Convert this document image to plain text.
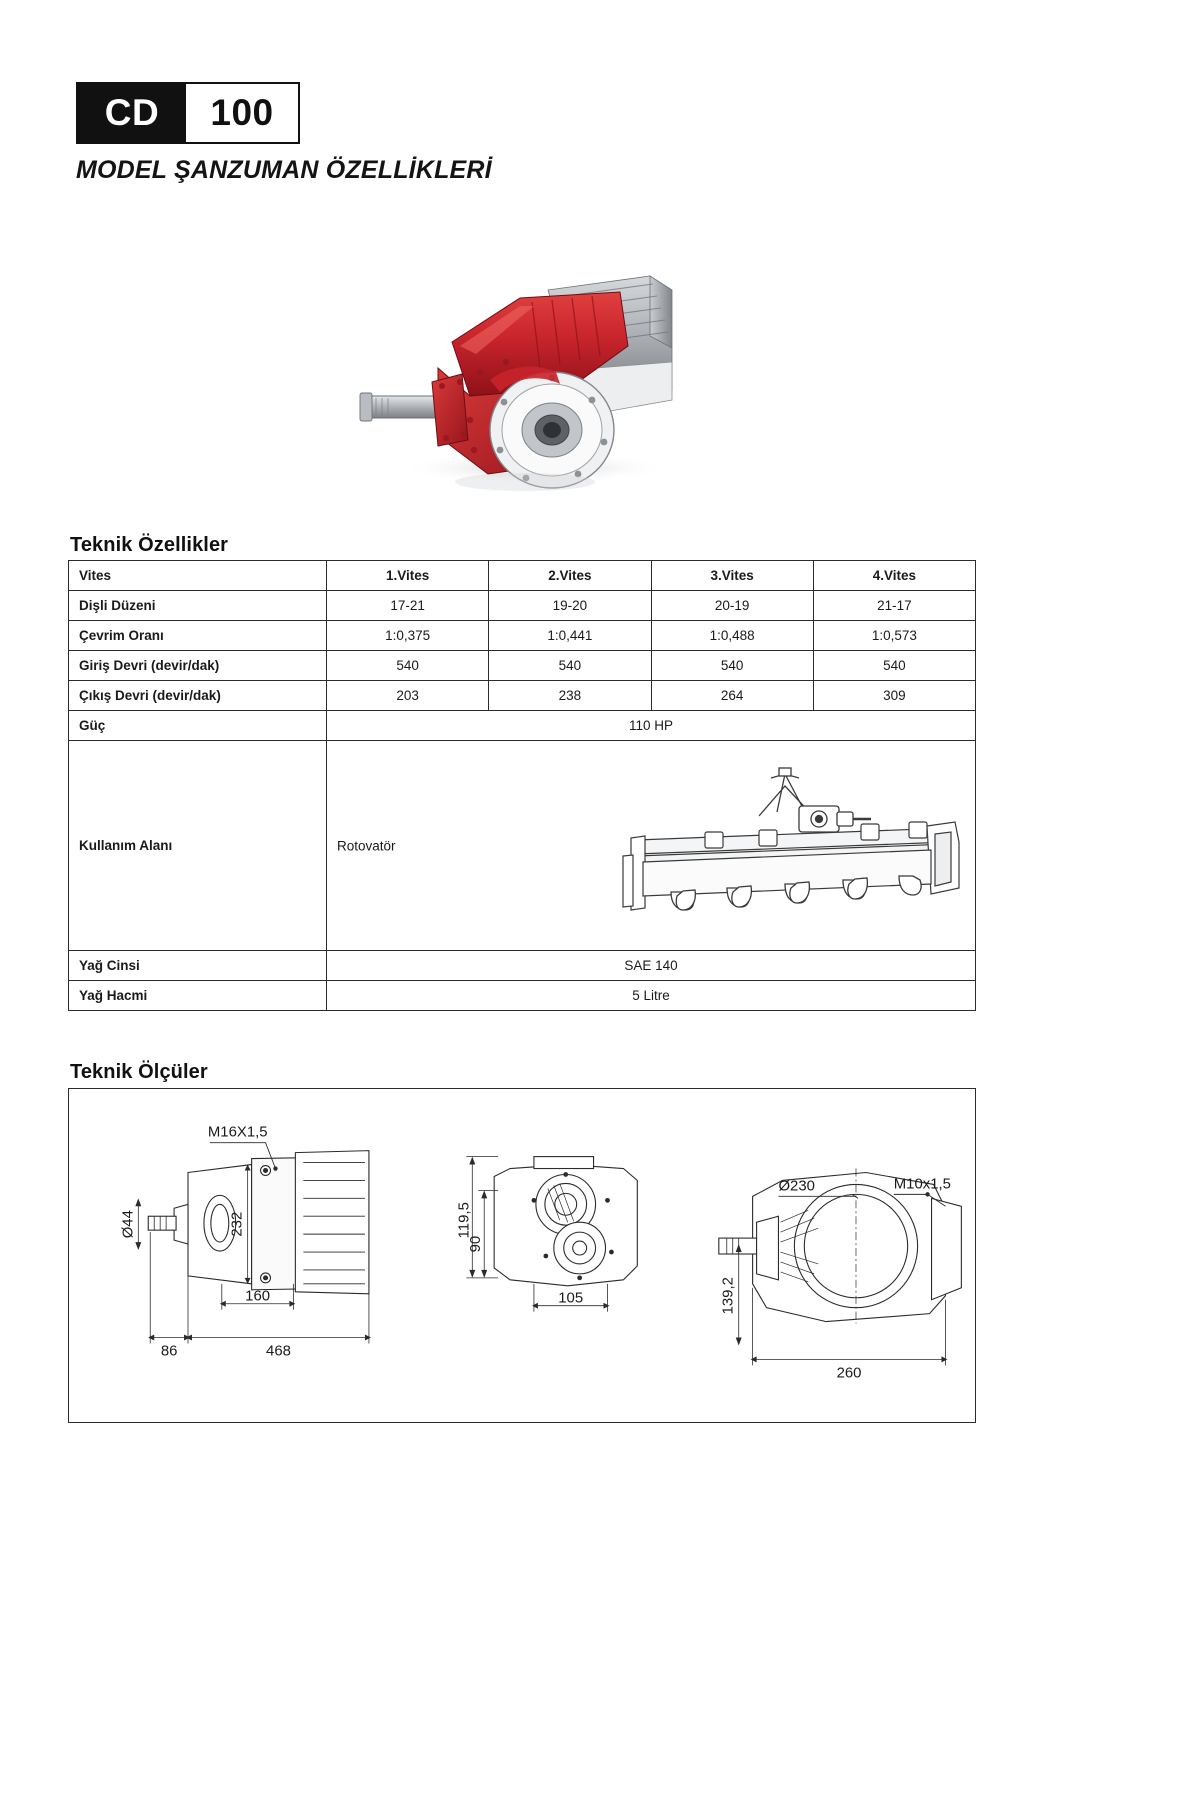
CD	100
MODEL ŞANZUMAN ÖZELLİKLERİ
Teknik Özellikler
Vites	1.Vites	2.Vites	3.Vites	4.Vites
Dişli Düzeni	17-21	19-20	20-19	21-17
Çevrim Oranı	1:0,375	1:0,441	1:0,488	1:0,573
Giriş Devri (devir/dak)	540	540	540	540
Çıkış Devri (devir/dak)	203	238	264	309
Güç	110 HP			
Kullanım Alanı	Rotovatör			

Yağ Cinsi	SAE 140			
Yağ Hacmi	5 Litre			
Teknik Ölçüler
M16X1,5
Ø44	232
160
86	468
119,5
90
105
Ø230	M10x1,5
139,2
260
